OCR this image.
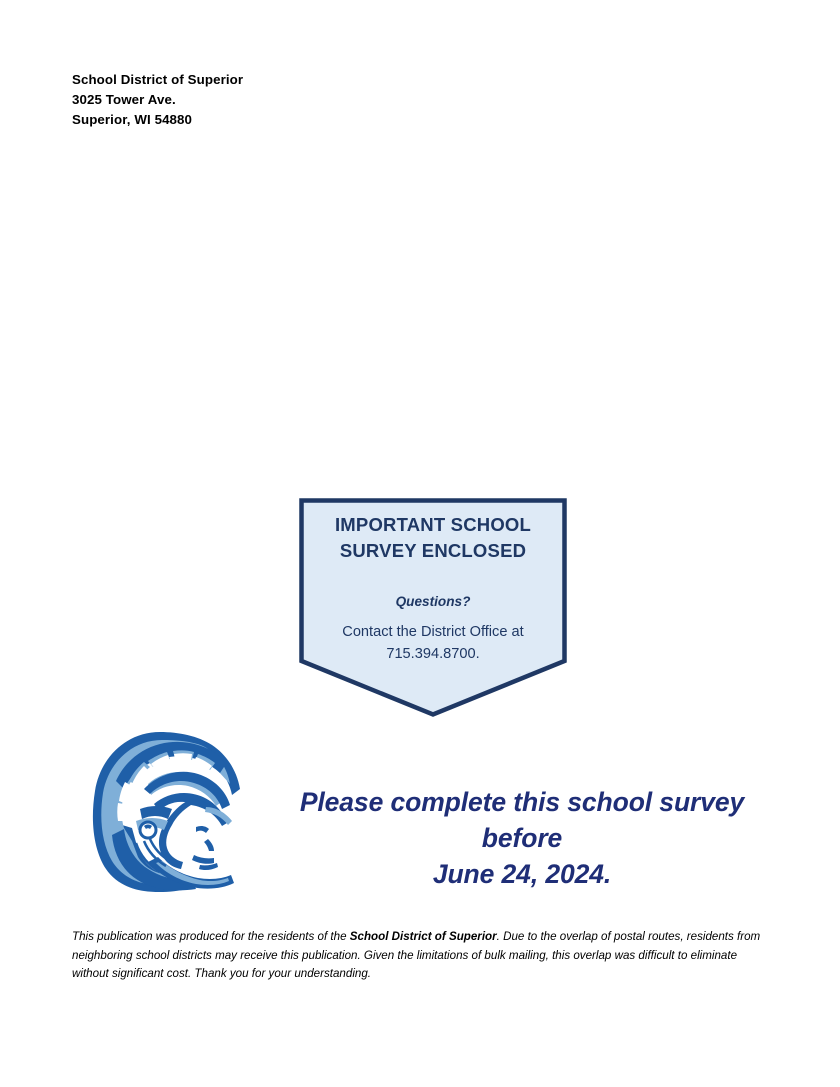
School District of Superior
3025 Tower Ave.
Superior, WI 54880
IMPORTANT SCHOOL
SURVEY ENCLOSED
Questions?
Contact the District Office at
715.394.8700.
Please complete this school survey before
June 24, 2024.
This publication was produced for the residents of the School District of Superior. Due to the overlap of postal routes, residents from neighboring school districts may receive this publication. Given the limitations of bulk mailing, this overlap was difficult to eliminate without significant cost. Thank you for your understanding.
